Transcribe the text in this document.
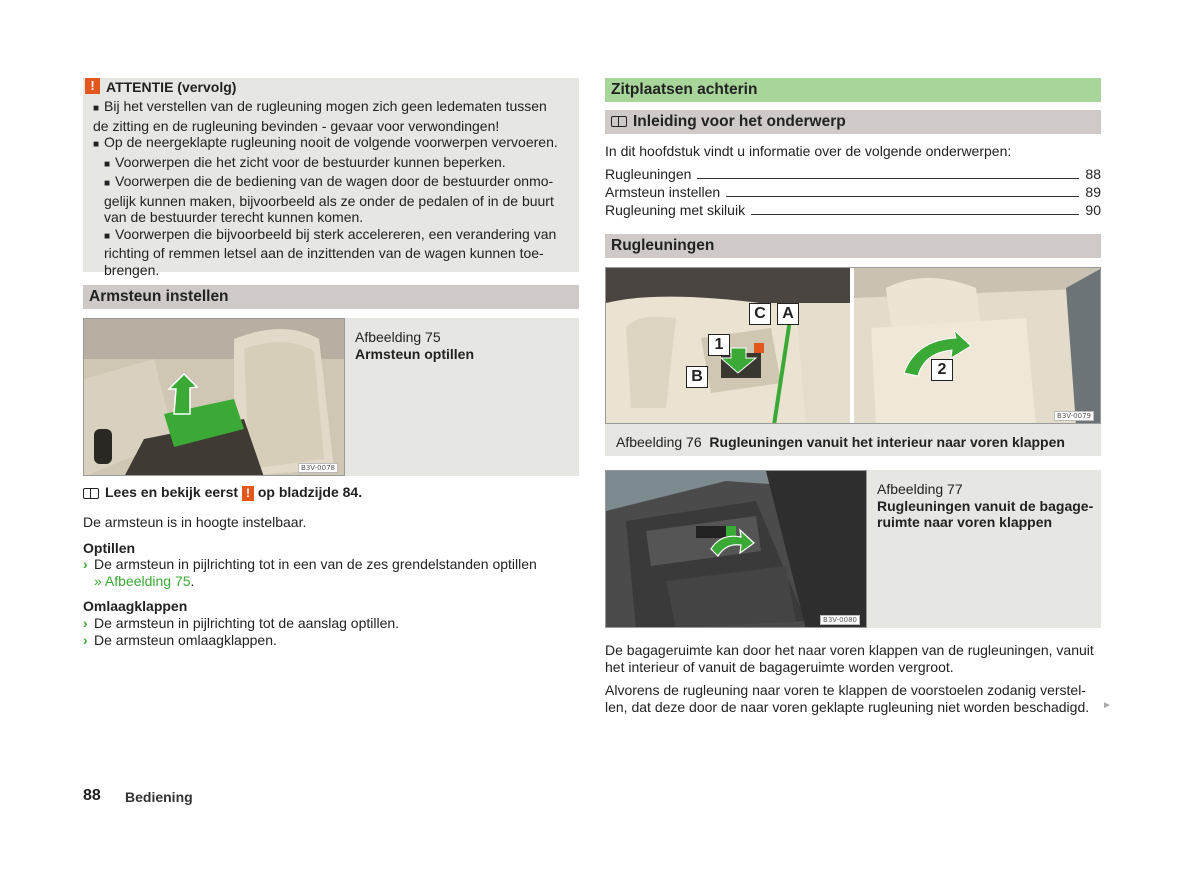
! ATTENTIE (vervolg)
■ Bij het verstellen van de rugleuning mogen zich geen ledematen tussen
de zitting en de rugleuning bevinden - gevaar voor verwondingen!
■ Op de neergeklapte rugleuning nooit de volgende voorwerpen vervoeren.
■ Voorwerpen die het zicht voor de bestuurder kunnen beperken.
■ Voorwerpen die de bediening van de wagen door de bestuurder onmo-
gelijk kunnen maken, bijvoorbeeld als ze onder de pedalen of in de buurt
van de bestuurder terecht kunnen komen.
■ Voorwerpen die bijvoorbeeld bij sterk accelereren, een verandering van
richting of remmen letsel aan de inzittenden van de wagen kunnen toe-
brengen.
Armsteun instellen
B3V-0078
Afbeelding 75
Armsteun optillen
Lees en bekijk eerst ! op bladzijde 84.
De armsteun is in hoogte instelbaar.
Optillen
› De armsteun in pijlrichting tot in een van de zes grendelstanden optillen
» Afbeelding 75.
Omlaagklappen
› De armsteun in pijlrichting tot de aanslag optillen.
› De armsteun omlaagklappen.
Zitplaatsen achterin
Inleiding voor het onderwerp
In dit hoofdstuk vindt u informatie over de volgende onderwerpen:
Rugleuningen	88
Armsteun instellen	89
Rugleuning met skiluik	90
Rugleuningen
C	A
1
B	2
B3V-0079
Afbeelding 76 Rugleuningen vanuit het interieur naar voren klappen
B3V-0080
Afbeelding 77
Rugleuningen vanuit de bagage-
ruimte naar voren klappen
De bagageruimte kan door het naar voren klappen van de rugleuningen, vanuit
het interieur of vanuit de bagageruimte worden vergroot.
Alvorens de rugleuning naar voren te klappen de voorstoelen zodanig verstel-
len, dat deze door de naar voren geklapte rugleuning niet worden beschadigd.	►
88 Bediening
